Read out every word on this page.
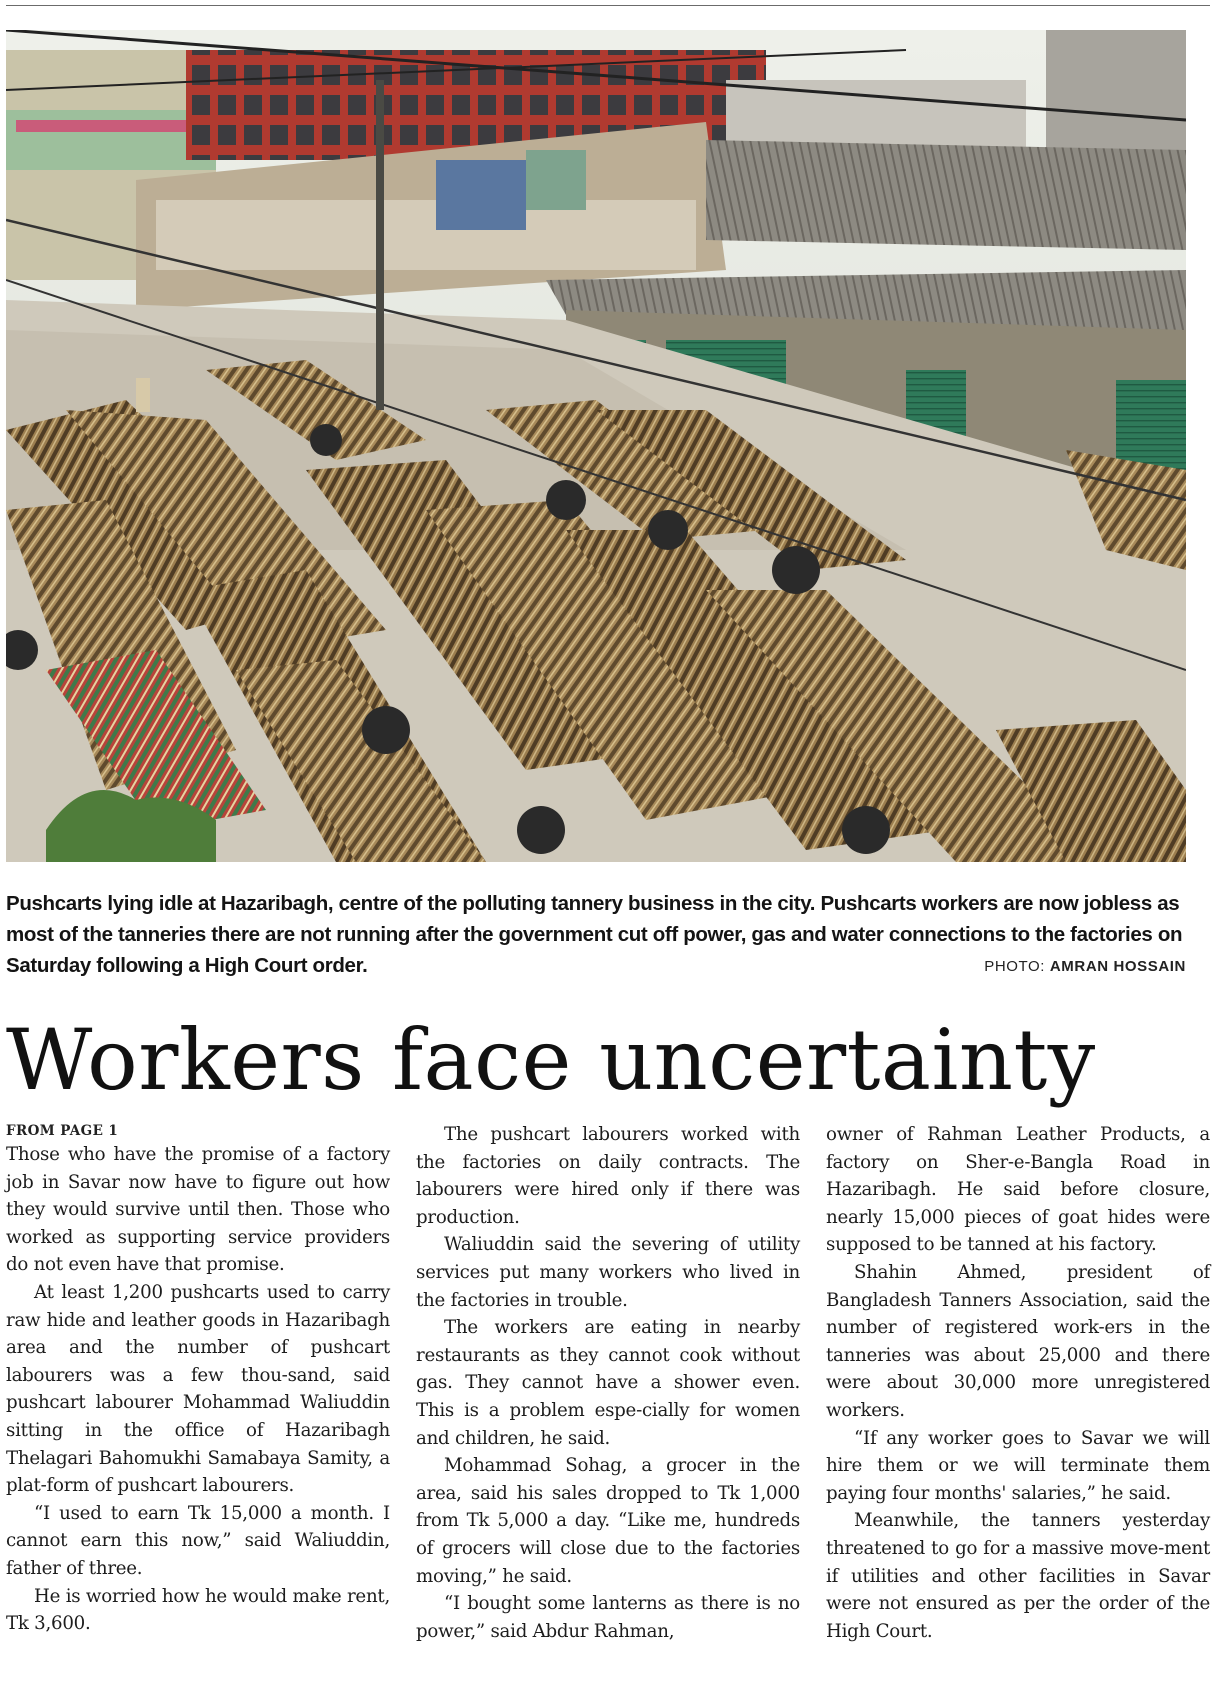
Pushcarts lying idle at Hazaribagh, centre of the polluting tannery business in the city. Pushcarts workers are now jobless as most of the tanneries there are not running after the government cut off power, gas and water connections to the factories on Saturday following a High Court order.	PHOTO: AMRAN HOSSAIN
Workers face uncertainty
FROM PAGE 1

Those who have the promise of a factory job in Savar now have to figure out how they would survive until then. Those who worked as supporting service providers do not even have that promise.

At least 1,200 pushcarts used to carry raw hide and leather goods in Hazaribagh area and the number of pushcart labourers was a few thou-sand, said pushcart labourer Mohammad Waliuddin sitting in the office of Hazaribagh Thelagari Bahomukhi Samabaya Samity, a plat-form of pushcart labourers.

“I used to earn Tk 15,000 a month. I cannot earn this now,” said Waliuddin, father of three.

He is worried how he would make rent, Tk 3,600.

The pushcart labourers worked with the factories on daily contracts. The labourers were hired only if there was production.

Waliuddin said the severing of utility services put many workers who lived in the factories in trouble.

The workers are eating in nearby restaurants as they cannot cook without gas. They cannot have a shower even. This is a problem espe-cially for women and children, he said.

Mohammad Sohag, a grocer in the area, said his sales dropped to Tk 1,000 from Tk 5,000 a day. “Like me, hundreds of grocers will close due to the factories moving,” he said.

“I bought some lanterns as there is no power,” said Abdur Rahman,

owner of Rahman Leather Products, a factory on Sher-e-Bangla Road in Hazaribagh. He said before closure, nearly 15,000 pieces of goat hides were supposed to be tanned at his factory.

Shahin Ahmed, president of Bangladesh Tanners Association, said the number of registered work-ers in the tanneries was about 25,000 and there were about 30,000 more unregistered workers.

“If any worker goes to Savar we will hire them or we will terminate them paying four months' salaries,” he said.

Meanwhile, the tanners yesterday threatened to go for a massive move-ment if utilities and other facilities in Savar were not ensured as per the order of the High Court.
